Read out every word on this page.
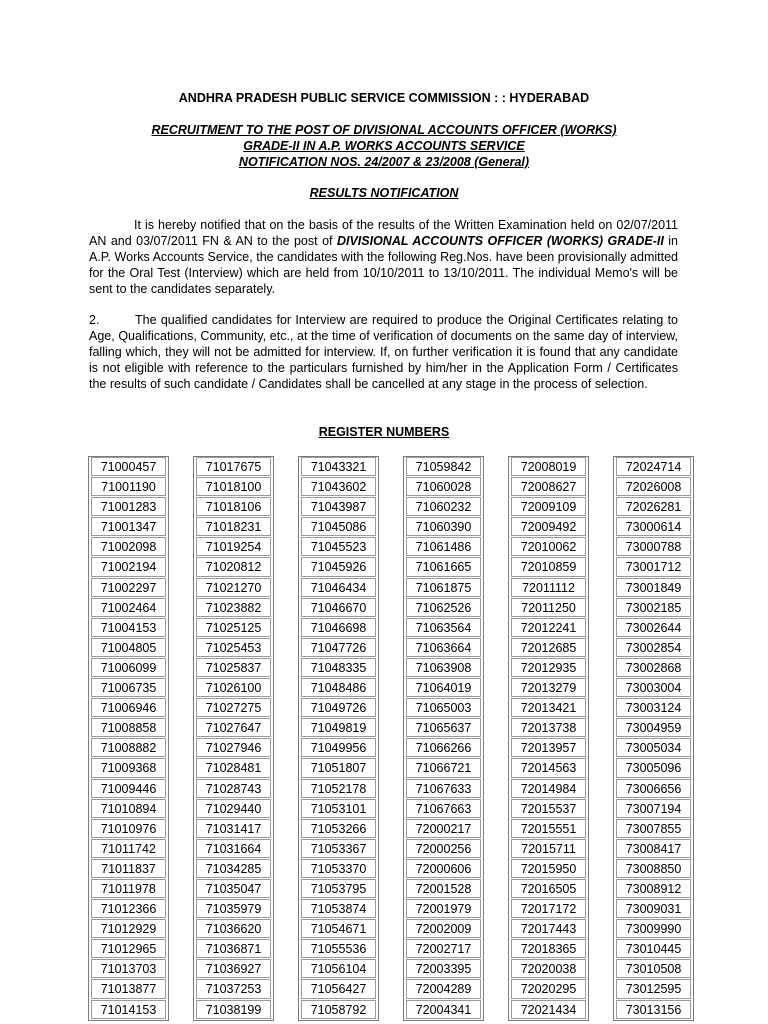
ANDHRA PRADESH PUBLIC SERVICE COMMISSION : : HYDERABAD
RECRUITMENT TO THE POST OF DIVISIONAL ACCOUNTS OFFICER (WORKS)
GRADE-II IN A.P. WORKS ACCOUNTS SERVICE
NOTIFICATION NOS. 24/2007 & 23/2008 (General)
RESULTS NOTIFICATION
It is hereby notified that on the basis of the results of the Written Examination held on 02/07/2011 AN and 03/07/2011 FN & AN to the post of DIVISIONAL ACCOUNTS OFFICER (WORKS) GRADE-II in A.P. Works Accounts Service, the candidates with the following Reg.Nos. have been provisionally admitted for the Oral Test (Interview) which are held from 10/10/2011 to 13/10/2011. The individual Memo's will be sent to the candidates separately.
2.	The qualified candidates for Interview are required to produce the Original Certificates relating to Age, Qualifications, Community, etc., at the time of verification of documents on the same day of interview, falling which, they will not be admitted for interview. If, on further verification it is found that any candidate is not eligible with reference to the particulars furnished by him/her in the Application Form / Certificates the results of such candidate / Candidates shall be cancelled at any stage in the process of selection.
REGISTER NUMBERS
71000457
71001190
71001283
71001347
71002098
71002194
71002297
71002464
71004153
71004805
71006099
71006735
71006946
71008858
71008882
71009368
71009446
71010894
71010976
71011742
71011837
71011978
71012366
71012929
71012965
71013703
71013877
71014153
71017675
71018100
71018106
71018231
71019254
71020812
71021270
71023882
71025125
71025453
71025837
71026100
71027275
71027647
71027946
71028481
71028743
71029440
71031417
71031664
71034285
71035047
71035979
71036620
71036871
71036927
71037253
71038199
71043321
71043602
71043987
71045086
71045523
71045926
71046434
71046670
71046698
71047726
71048335
71048486
71049726
71049819
71049956
71051807
71052178
71053101
71053266
71053367
71053370
71053795
71053874
71054671
71055536
71056104
71056427
71058792
71059842
71060028
71060232
71060390
71061486
71061665
71061875
71062526
71063564
71063664
71063908
71064019
71065003
71065637
71066266
71066721
71067633
71067663
72000217
72000256
72000606
72001528
72001979
72002009
72002717
72003395
72004289
72004341
72008019
72008627
72009109
72009492
72010062
72010859
72011112
72011250
72012241
72012685
72012935
72013279
72013421
72013738
72013957
72014563
72014984
72015537
72015551
72015711
72015950
72016505
72017172
72017443
72018365
72020038
72020295
72021434
72024714
72026008
72026281
73000614
73000788
73001712
73001849
73002185
73002644
73002854
73002868
73003004
73003124
73004959
73005034
73005096
73006656
73007194
73007855
73008417
73008850
73008912
73009031
73009990
73010445
73010508
73012595
73013156
